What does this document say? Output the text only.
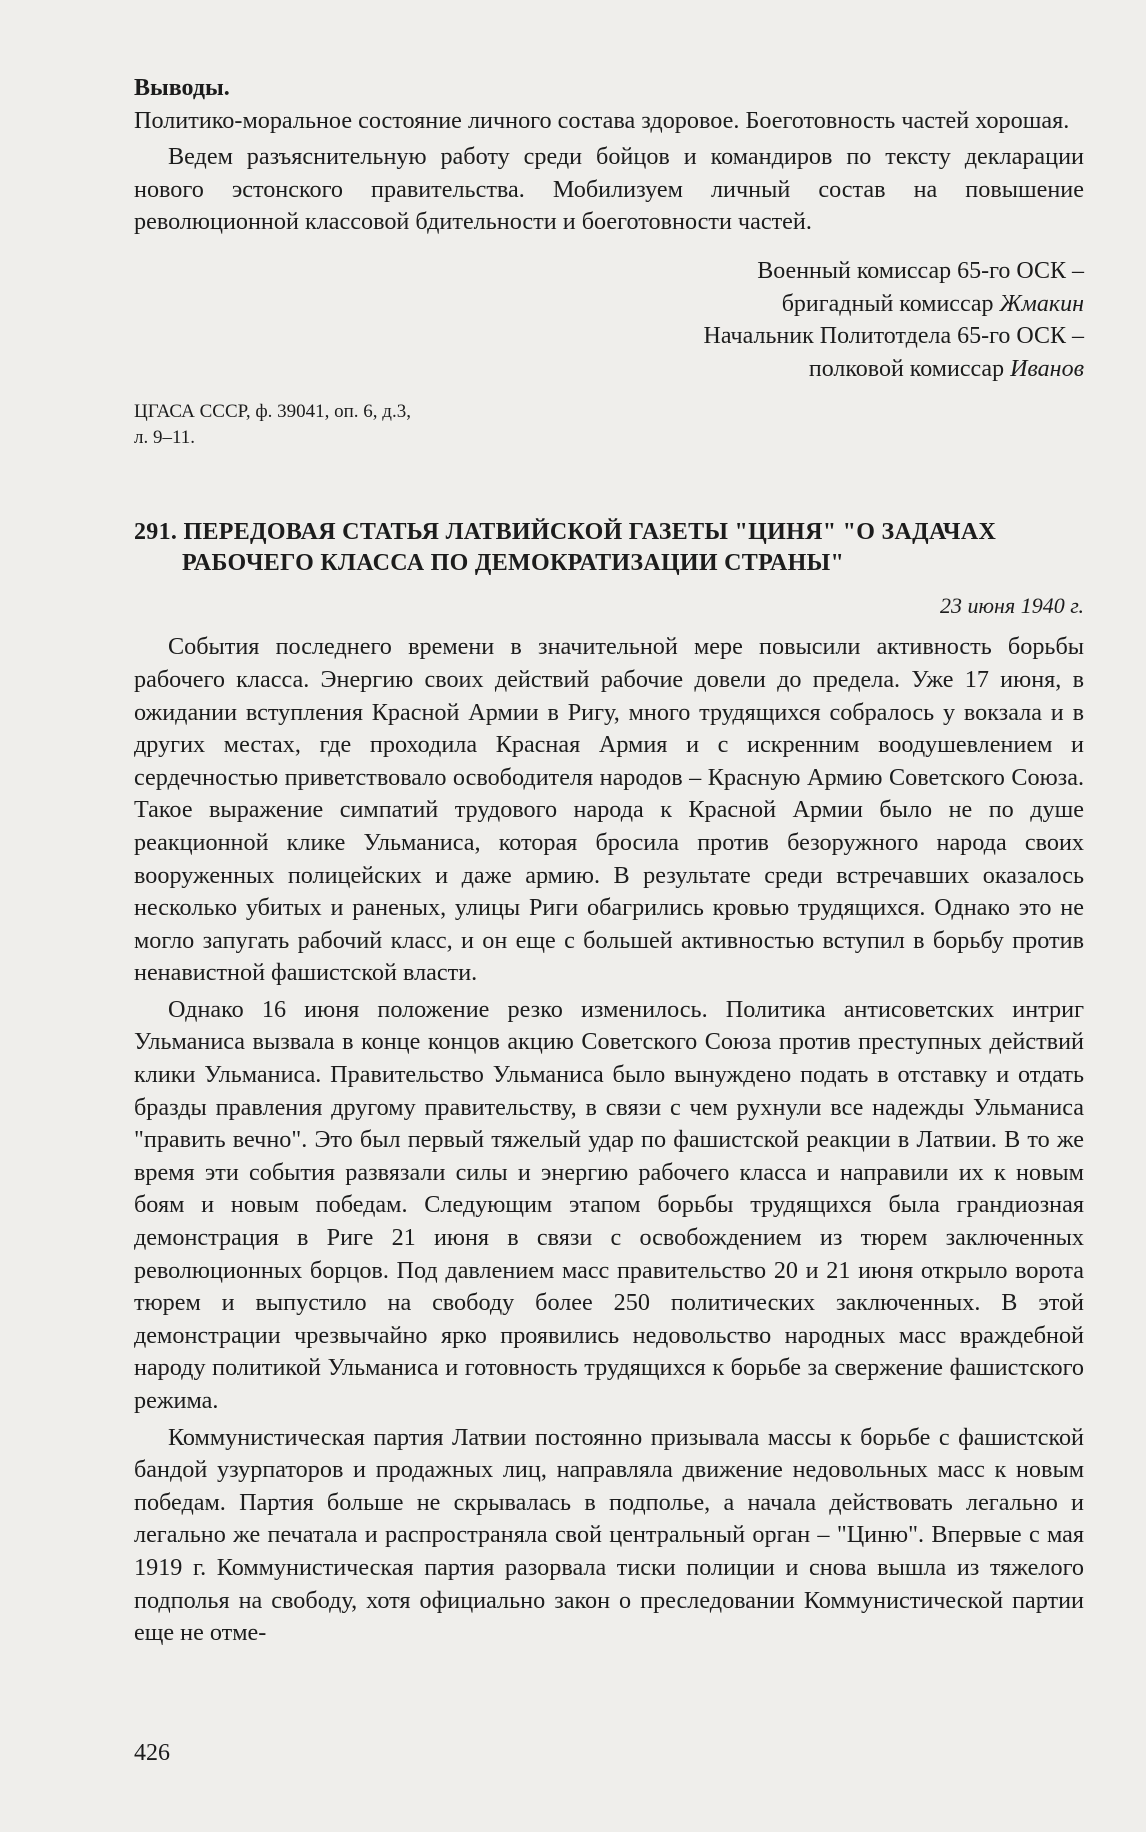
Выводы.

Политико-моральное состояние личного состава здоровое. Боеготовность частей хорошая.

Ведем разъяснительную работу среди бойцов и командиров по тексту декларации нового эстонского правительства. Мобилизуем личный состав на повышение революционной классовой бдительности и боеготовности частей.

Военный комиссар 65-го ОСК –

бригадный комиссар Жмакин

Начальник Политотдела 65-го ОСК –

полковой комиссар Иванов

ЦГАСА СССР, ф. 39041, оп. 6, д.3,

л. 9–11.

291. ПЕРЕДОВАЯ СТАТЬЯ ЛАТВИЙСКОЙ ГАЗЕТЫ "ЦИНЯ" "О ЗАДАЧАХ

РАБОЧЕГО КЛАССА ПО ДЕМОКРАТИЗАЦИИ СТРАНЫ"

23 июня 1940 г.

События последнего времени в значительной мере повысили активность борьбы рабочего класса. Энергию своих действий рабочие довели до предела. Уже 17 июня, в ожидании вступления Красной Армии в Ригу, много трудящихся собралось у вокзала и в других местах, где проходила Красная Армия и с искренним воодушевлением и сердечностью приветствовало освободителя народов – Красную Армию Советского Союза. Такое выражение симпатий трудового народа к Красной Армии было не по душе реакционной клике Ульманиса, которая бросила против безоружного народа своих вооруженных полицейских и даже армию. В результате среди встречавших оказалось несколько убитых и раненых, улицы Риги обагрились кровью трудящихся. Однако это не могло запугать рабочий класс, и он еще с большей активностью вступил в борьбу против ненавистной фашистской власти.

Однако 16 июня положение резко изменилось. Политика антисоветских интриг Ульманиса вызвала в конце концов акцию Советского Союза против преступных действий клики Ульманиса. Правительство Ульманиса было вынуждено подать в отставку и отдать бразды правления другому правительству, в связи с чем рухнули все надежды Ульманиса "править вечно". Это был первый тяжелый удар по фашистской реакции в Латвии. В то же время эти события развязали силы и энергию рабочего класса и направили их к новым боям и новым победам. Следующим этапом борьбы трудящихся была грандиозная демонстрация в Риге 21 июня в связи с освобождением из тюрем заключенных революционных борцов. Под давлением масс правительство 20 и 21 июня открыло ворота тюрем и выпустило на свободу более 250 политических заключенных. В этой демонстрации чрезвычайно ярко проявились недовольство народных масс враждебной народу политикой Ульманиса и готовность трудящихся к борьбе за свержение фашистского режима.

Коммунистическая партия Латвии постоянно призывала массы к борьбе с фашистской бандой узурпаторов и продажных лиц, направляла движение недовольных масс к новым победам. Партия больше не скрывалась в подполье, а начала действовать легально и легально же печатала и распространяла свой центральный орган – "Циню". Впервые с мая 1919 г. Коммунистическая партия разорвала тиски полиции и снова вышла из тяжелого подполья на свободу, хотя официально закон о преследовании Коммунистической партии еще не отме-

426
